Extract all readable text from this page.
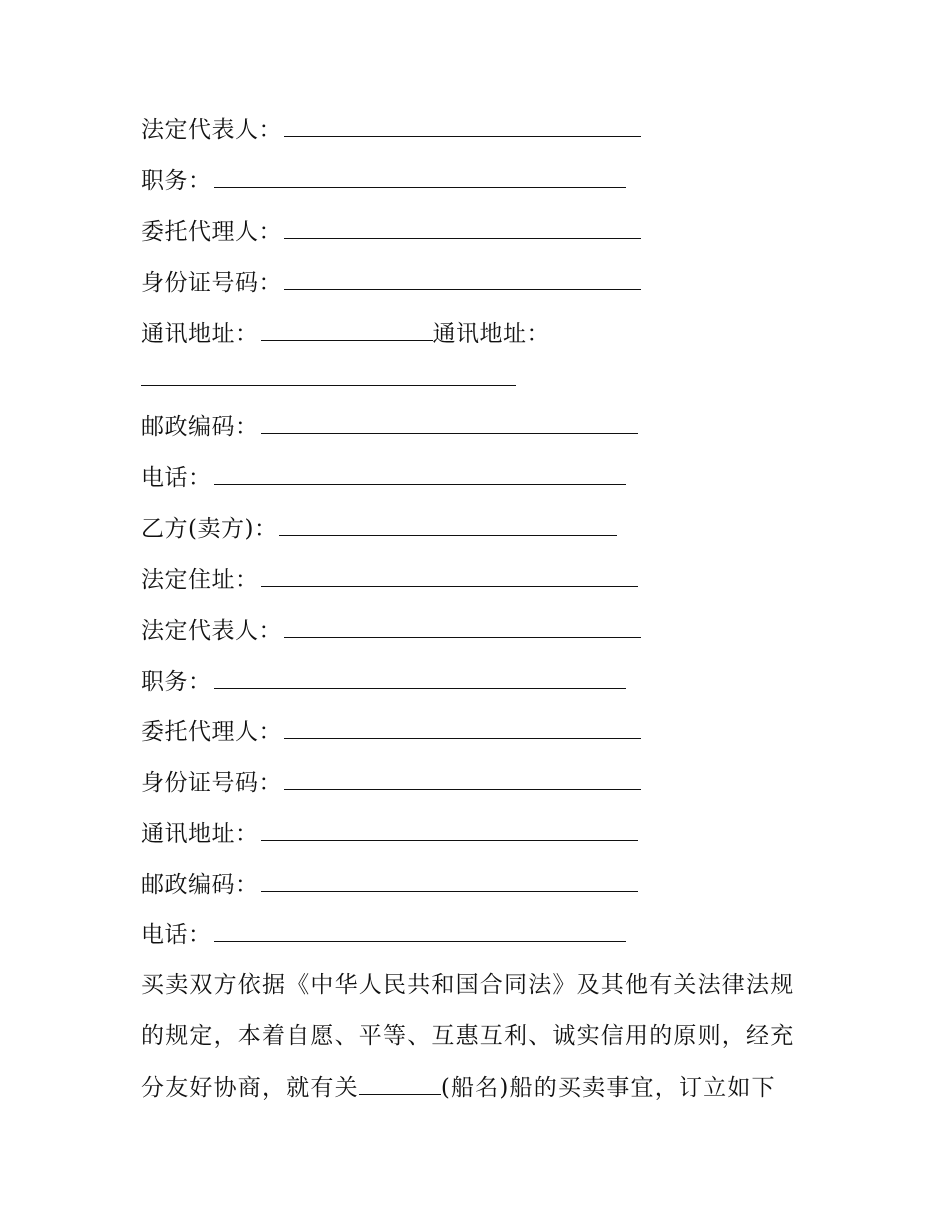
法定代表人：
职务：
委托代理人：
身份证号码：
通讯地址：	通讯地址：
邮政编码：
电话：
乙方(卖方)：
法定住址：
法定代表人：
职务：
委托代理人：
身份证号码：
通讯地址：
邮政编码：
电话：
买卖双方依据《中华人民共和国合同法》及其他有关法律法规
的规定，本着自愿、平等、互惠互利、诚实信用的原则，经充
分友好协商，就有关	(船名)船的买卖事宜，订立如下
